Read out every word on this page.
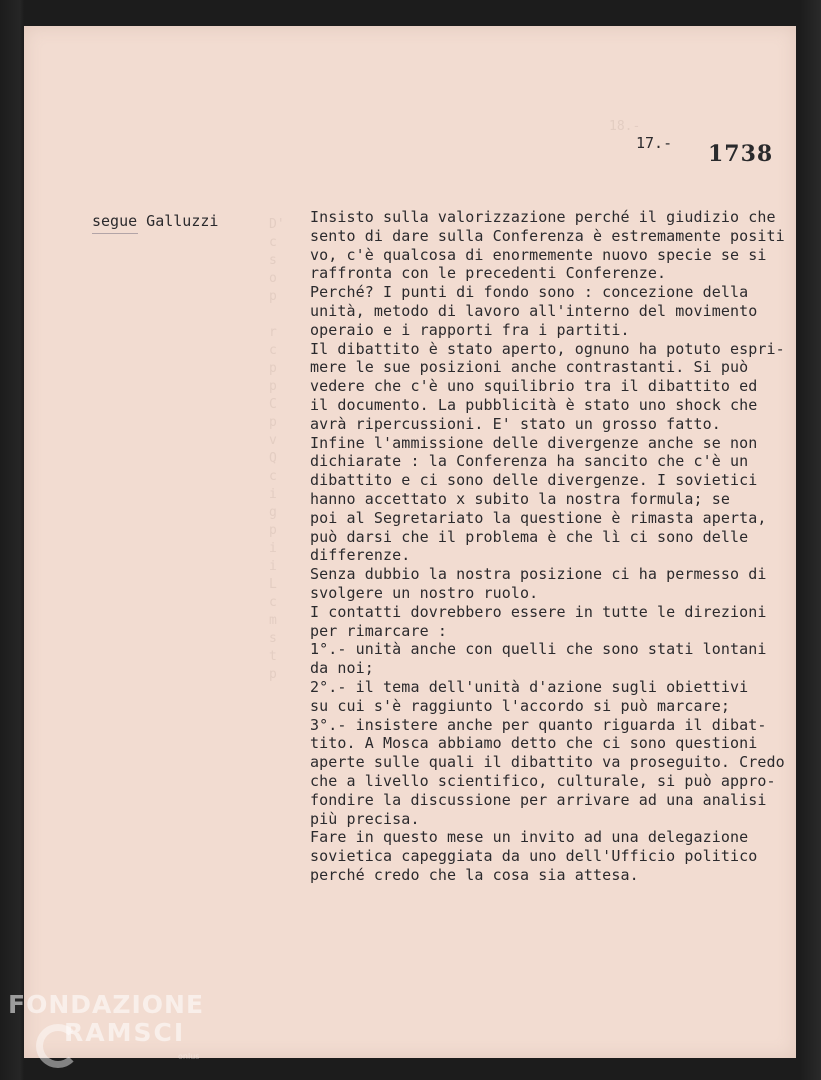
18.-
D'
c
s
o
p

r
c
p
p
C
p
v
Q
c
i
g
p
i
i
L
c
m
s
t
p
17.- 1738
segue Galluzzi	Insisto sulla valorizzazione perché il giudizio che
sento di dare sulla Conferenza è estremamente positi
vo, c'è qualcosa di enormemente nuovo specie se si
raffronta con le precedenti Conferenze.
Perché? I punti di fondo sono : concezione della
unità, metodo di lavoro all'interno del movimento
operaio e i rapporti fra i partiti.
Il dibattito è stato aperto, ognuno ha potuto espri-
mere le sue posizioni anche contrastanti. Si può
vedere che c'è uno squilibrio tra il dibattito ed
il documento. La pubblicità è stato uno shock che
avrà ripercussioni. E' stato un grosso fatto.
Infine l'ammissione delle divergenze anche se non
dichiarate : la Conferenza ha sancito che c'è un
dibattito e ci sono delle divergenze. I sovietici
hanno accettato x subito la nostra formula; se
poi al Segretariato la questione è rimasta aperta,
può darsi che il problema è che lì ci sono delle
differenze.
Senza dubbio la nostra posizione ci ha permesso di
svolgere un nostro ruolo.
I contatti dovrebbero essere in tutte le direzioni
per rimarcare :
1°.- unità anche con quelli che sono stati lontani
da noi;
2°.- il tema dell'unità d'azione sugli obiettivi
su cui s'è raggiunto l'accordo si può marcare;
3°.- insistere anche per quanto riguarda il dibat-
tito. A Mosca abbiamo detto che ci sono questioni
aperte sulle quali il dibattito va proseguito. Credo
che a livello scientifico, culturale, si può appro-
fondire la discussione per arrivare ad una analisi
più precisa.
Fare in questo mese un invito ad una delegazione
sovietica capeggiata da uno dell'Ufficio politico
perché credo che la cosa sia attesa.
FONDAZIONE
RAMSCI
onlus
